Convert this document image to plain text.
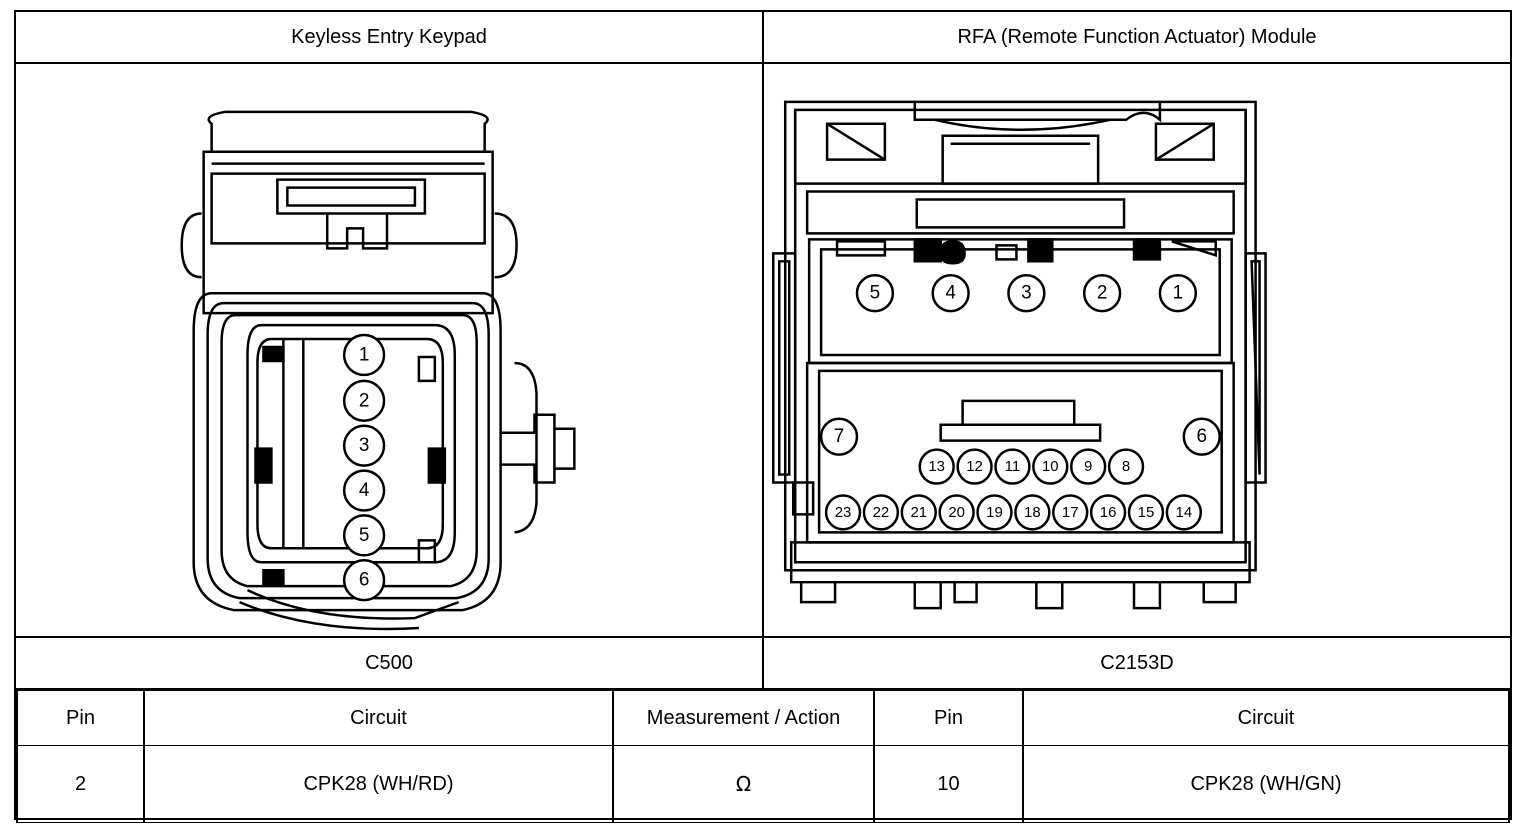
Keyless Entry Keypad	RFA (Remote Function Actuator) Module
1
2
3
4
5
6
5	4	3	2	1
7	6
13 12 11 10 9 8
23 22 21 20 19 18 17 16 15 14
C500	C2153D
Pin	Circuit	Measurement / Action	Pin	Circuit
2	CPK28 (WH/RD)	Ω	10	CPK28 (WH/GN)
